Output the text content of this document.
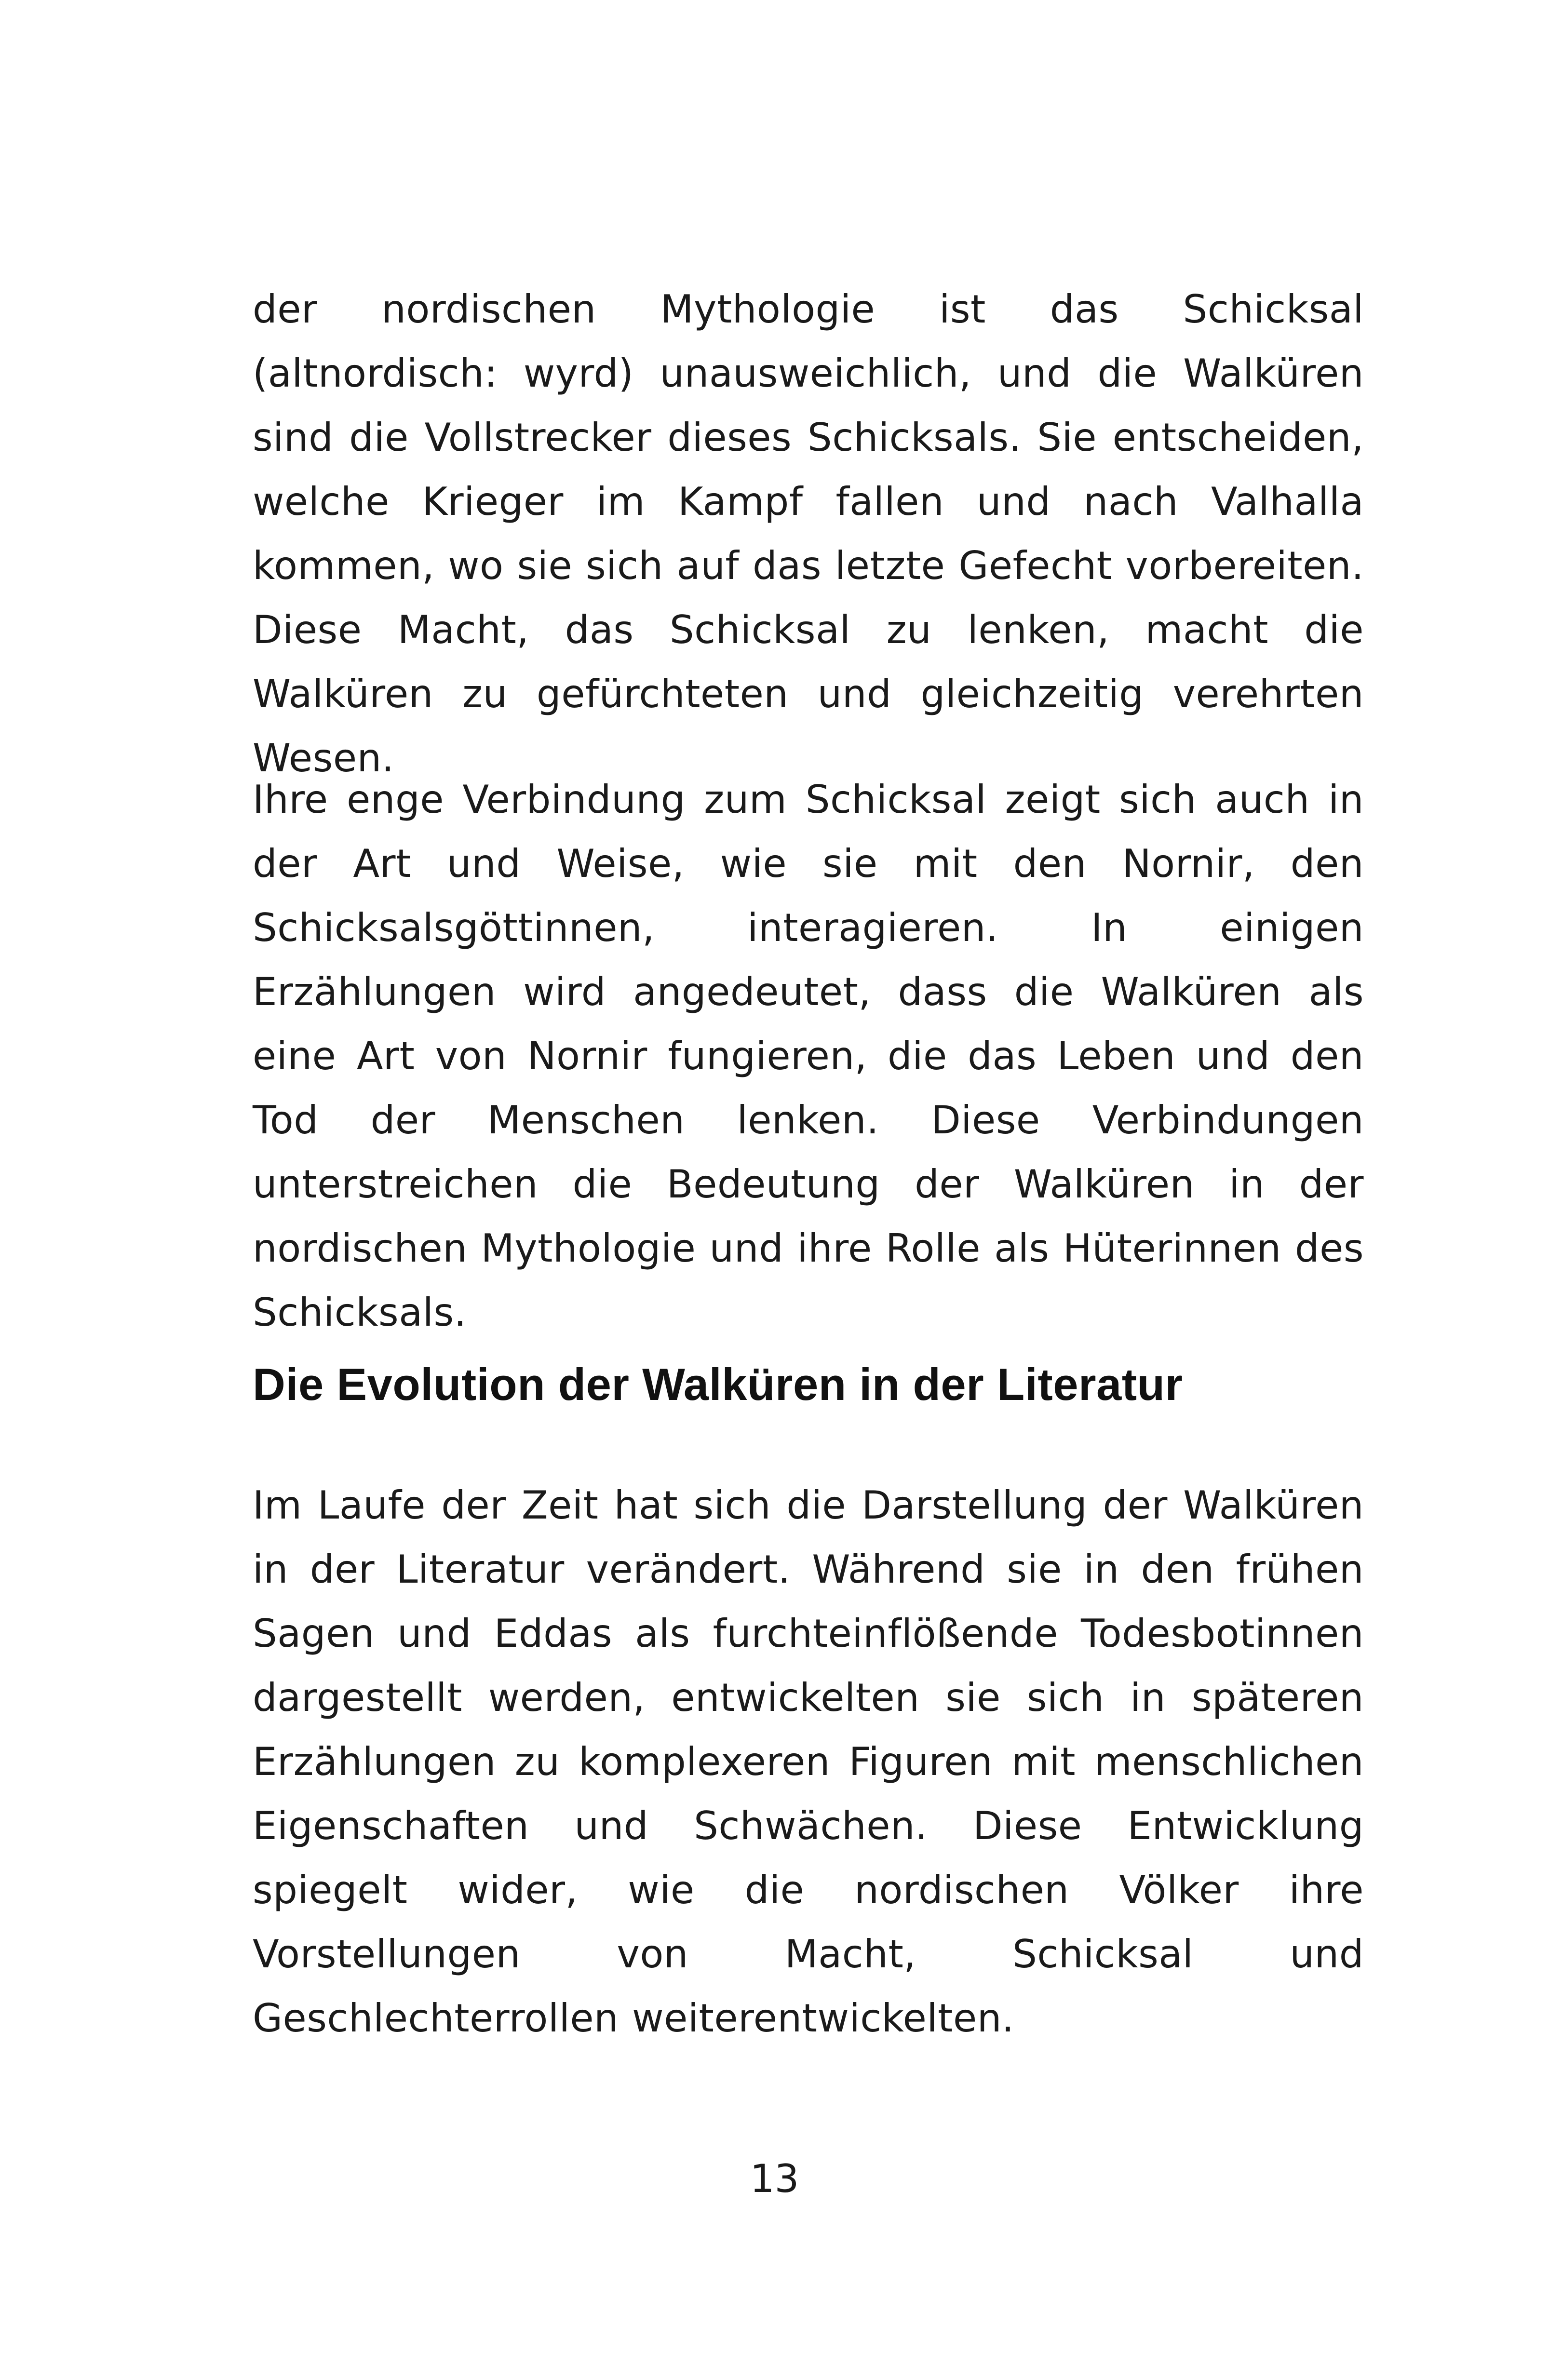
der nordischen Mythologie ist das Schicksal (altnordisch: wyrd) unausweichlich, und die Walküren sind die Vollstrecker dieses Schicksals. Sie entscheiden, welche Krieger im Kampf fallen und nach Valhalla kommen, wo sie sich auf das letzte Gefecht vorbereiten. Diese Macht, das Schicksal zu lenken, macht die Walküren zu gefürchteten und gleichzeitig verehrten Wesen.

Ihre enge Verbindung zum Schicksal zeigt sich auch in der Art und Weise, wie sie mit den Nornir, den Schicksalsgöttinnen, interagieren. In einigen Erzählungen wird angedeutet, dass die Walküren als eine Art von Nornir fungieren, die das Leben und den Tod der Menschen lenken. Diese Verbindungen unterstreichen die Bedeutung der Walküren in der nordischen Mythologie und ihre Rolle als Hüterinnen des Schicksals.

Die Evolution der Walküren in der Literatur

Im Laufe der Zeit hat sich die Darstellung der Walküren in der Literatur verändert. Während sie in den frühen Sagen und Eddas als furchteinflößende Todesbotinnen dargestellt werden, entwickelten sie sich in späteren Erzählungen zu komplexeren Figuren mit menschlichen Eigenschaften und Schwächen. Diese Entwicklung spiegelt wider, wie die nordischen Völker ihre Vorstellungen von Macht, Schicksal und Geschlechterrollen weiterentwickelten.

13
